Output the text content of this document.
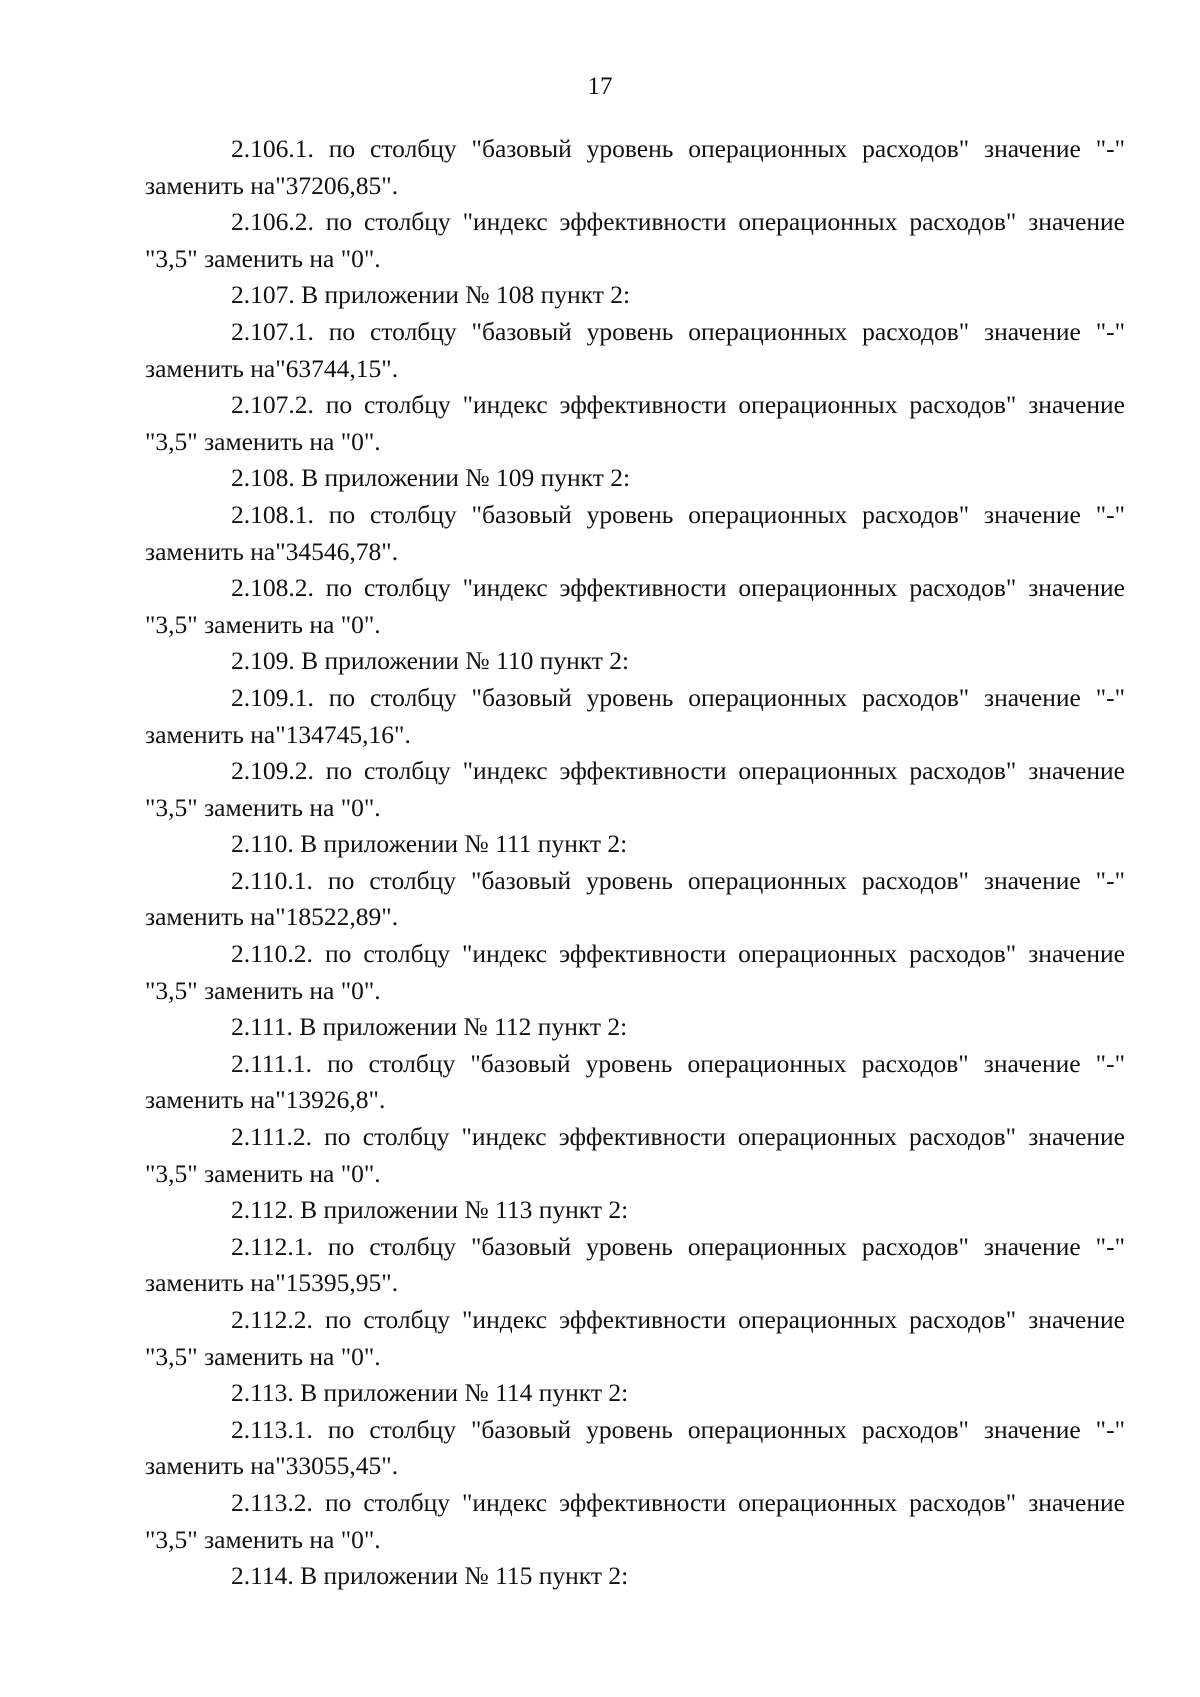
17

2.106.1. по столбцу "базовый уровень операционных расходов" значение "-" заменить на"37206,85".

2.106.2. по столбцу "индекс эффективности операционных расходов" значение "3,5" заменить на "0".

2.107. В приложении № 108 пункт 2:

2.107.1. по столбцу "базовый уровень операционных расходов" значение "-" заменить на"63744,15".

2.107.2. по столбцу "индекс эффективности операционных расходов" значение "3,5" заменить на "0".

2.108. В приложении № 109 пункт 2:

2.108.1. по столбцу "базовый уровень операционных расходов" значение "-" заменить на"34546,78".

2.108.2. по столбцу "индекс эффективности операционных расходов" значение "3,5" заменить на "0".

2.109. В приложении № 110 пункт 2:

2.109.1. по столбцу "базовый уровень операционных расходов" значение "-" заменить на"134745,16".

2.109.2. по столбцу "индекс эффективности операционных расходов" значение "3,5" заменить на "0".

2.110. В приложении № 111 пункт 2:

2.110.1. по столбцу "базовый уровень операционных расходов" значение "-" заменить на"18522,89".

2.110.2. по столбцу "индекс эффективности операционных расходов" значение "3,5" заменить на "0".

2.111. В приложении № 112 пункт 2:

2.111.1. по столбцу "базовый уровень операционных расходов" значение "-" заменить на"13926,8".

2.111.2. по столбцу "индекс эффективности операционных расходов" значение "3,5" заменить на "0".

2.112. В приложении № 113 пункт 2:

2.112.1. по столбцу "базовый уровень операционных расходов" значение "-" заменить на"15395,95".

2.112.2. по столбцу "индекс эффективности операционных расходов" значение "3,5" заменить на "0".

2.113. В приложении № 114 пункт 2:

2.113.1. по столбцу "базовый уровень операционных расходов" значение "-" заменить на"33055,45".

2.113.2. по столбцу "индекс эффективности операционных расходов" значение "3,5" заменить на "0".

2.114. В приложении № 115 пункт 2:
